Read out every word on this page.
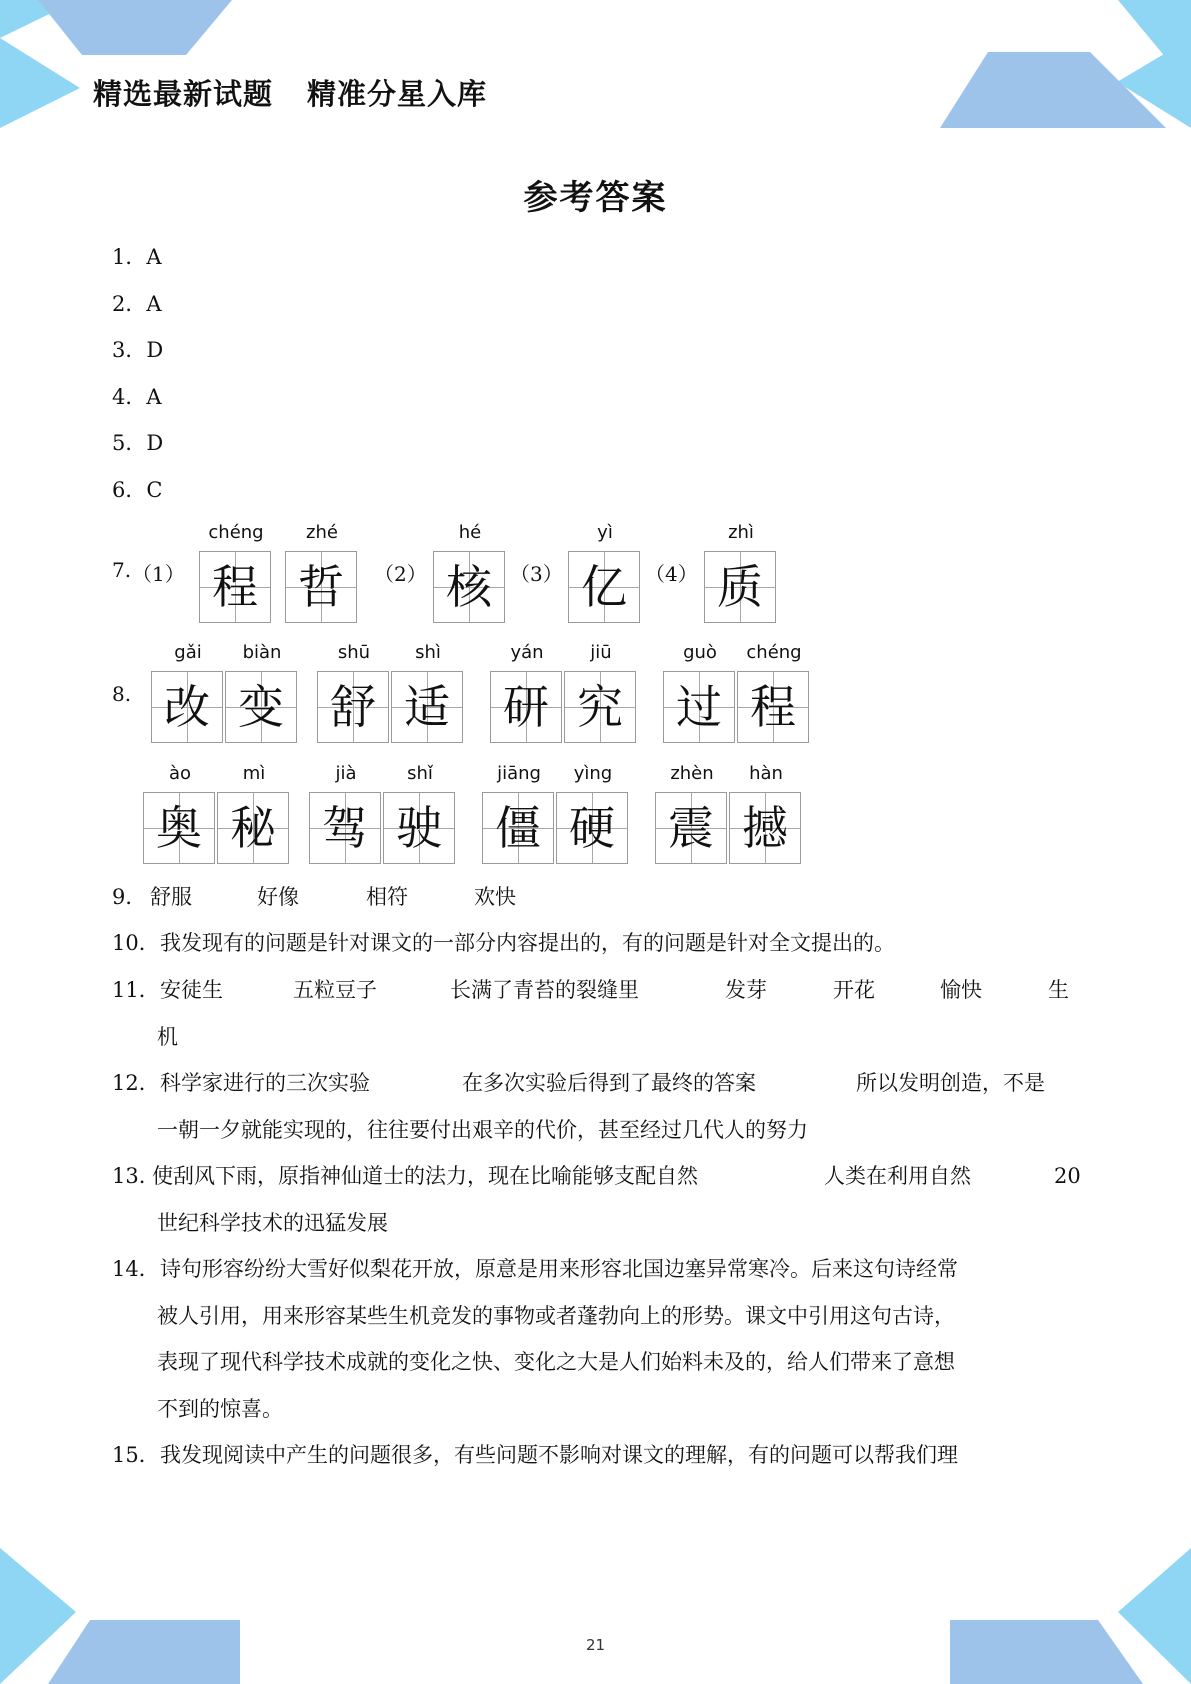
精选最新试题 精准分星入库
参考答案
1．A
2．A
3．D
4．A
5．D
6．C
7. （1）	（2）	（3）	（4）
chéng
程
zhé
哲
hé
核
yì
亿
zhì
质
8.
gǎi
改
biàn
变
shū
舒
shì
适
yán
研
jiū
究
guò
过
chéng
程
ào
奥
mì
秘
jià
驾
shǐ
驶
jiāng
僵
yìng
硬
zhèn
震
hàn
撼
9． 舒服	好像	相符	欢快
10． 我发现有的问题是针对课文的一部分内容提出的，有的问题是针对全文提出的。
11． 安徒生	五粒豆子	长满了青苔的裂缝里	发芽	开花	愉快	生
机
12． 科学家进行的三次实验	在多次实验后得到了最终的答案	所以发明创造，不是
一朝一夕就能实现的，往往要付出艰辛的代价，甚至经过几代人的努力
13. 使刮风下雨，原指神仙道士的法力，现在比喻能够支配自然	人类在利用自然	20
世纪科学技术的迅猛发展
14． 诗句形容纷纷大雪好似梨花开放，原意是用来形容北国边塞异常寒冷。后来这句诗经常
被人引用，用来形容某些生机竞发的事物或者蓬勃向上的形势。课文中引用这句古诗，
表现了现代科学技术成就的变化之快、变化之大是人们始料未及的，给人们带来了意想
不到的惊喜。
15． 我发现阅读中产生的问题很多，有些问题不影响对课文的理解，有的问题可以帮我们理
21
